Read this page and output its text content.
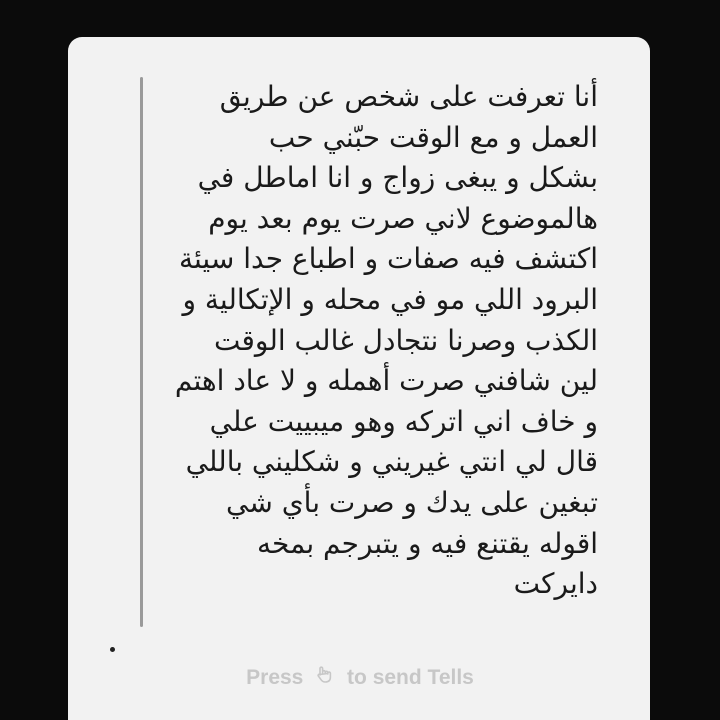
أنا تعرفت على شخص عن طريق
العمل و مع الوقت حبّني حب
بشكل و يبغى زواج و انا اماطل في
هالموضوع لاني صرت يوم بعد يوم
اكتشف فيه صفات و اطباع جدا سيئة
البرود اللي مو في محله و الإتكالية و
الكذب وصرنا نتجادل غالب الوقت
لين شافني صرت أهمله و لا عاد اهتم
و خاف اني اتركه وهو ميبييت علي
قال لي انتي غيريني و شكليني باللي
تبغين على يدك و صرت بأي شي
اقوله يقتنع فيه و يتبرجم بمخه
دايركت

Press to send Tells
